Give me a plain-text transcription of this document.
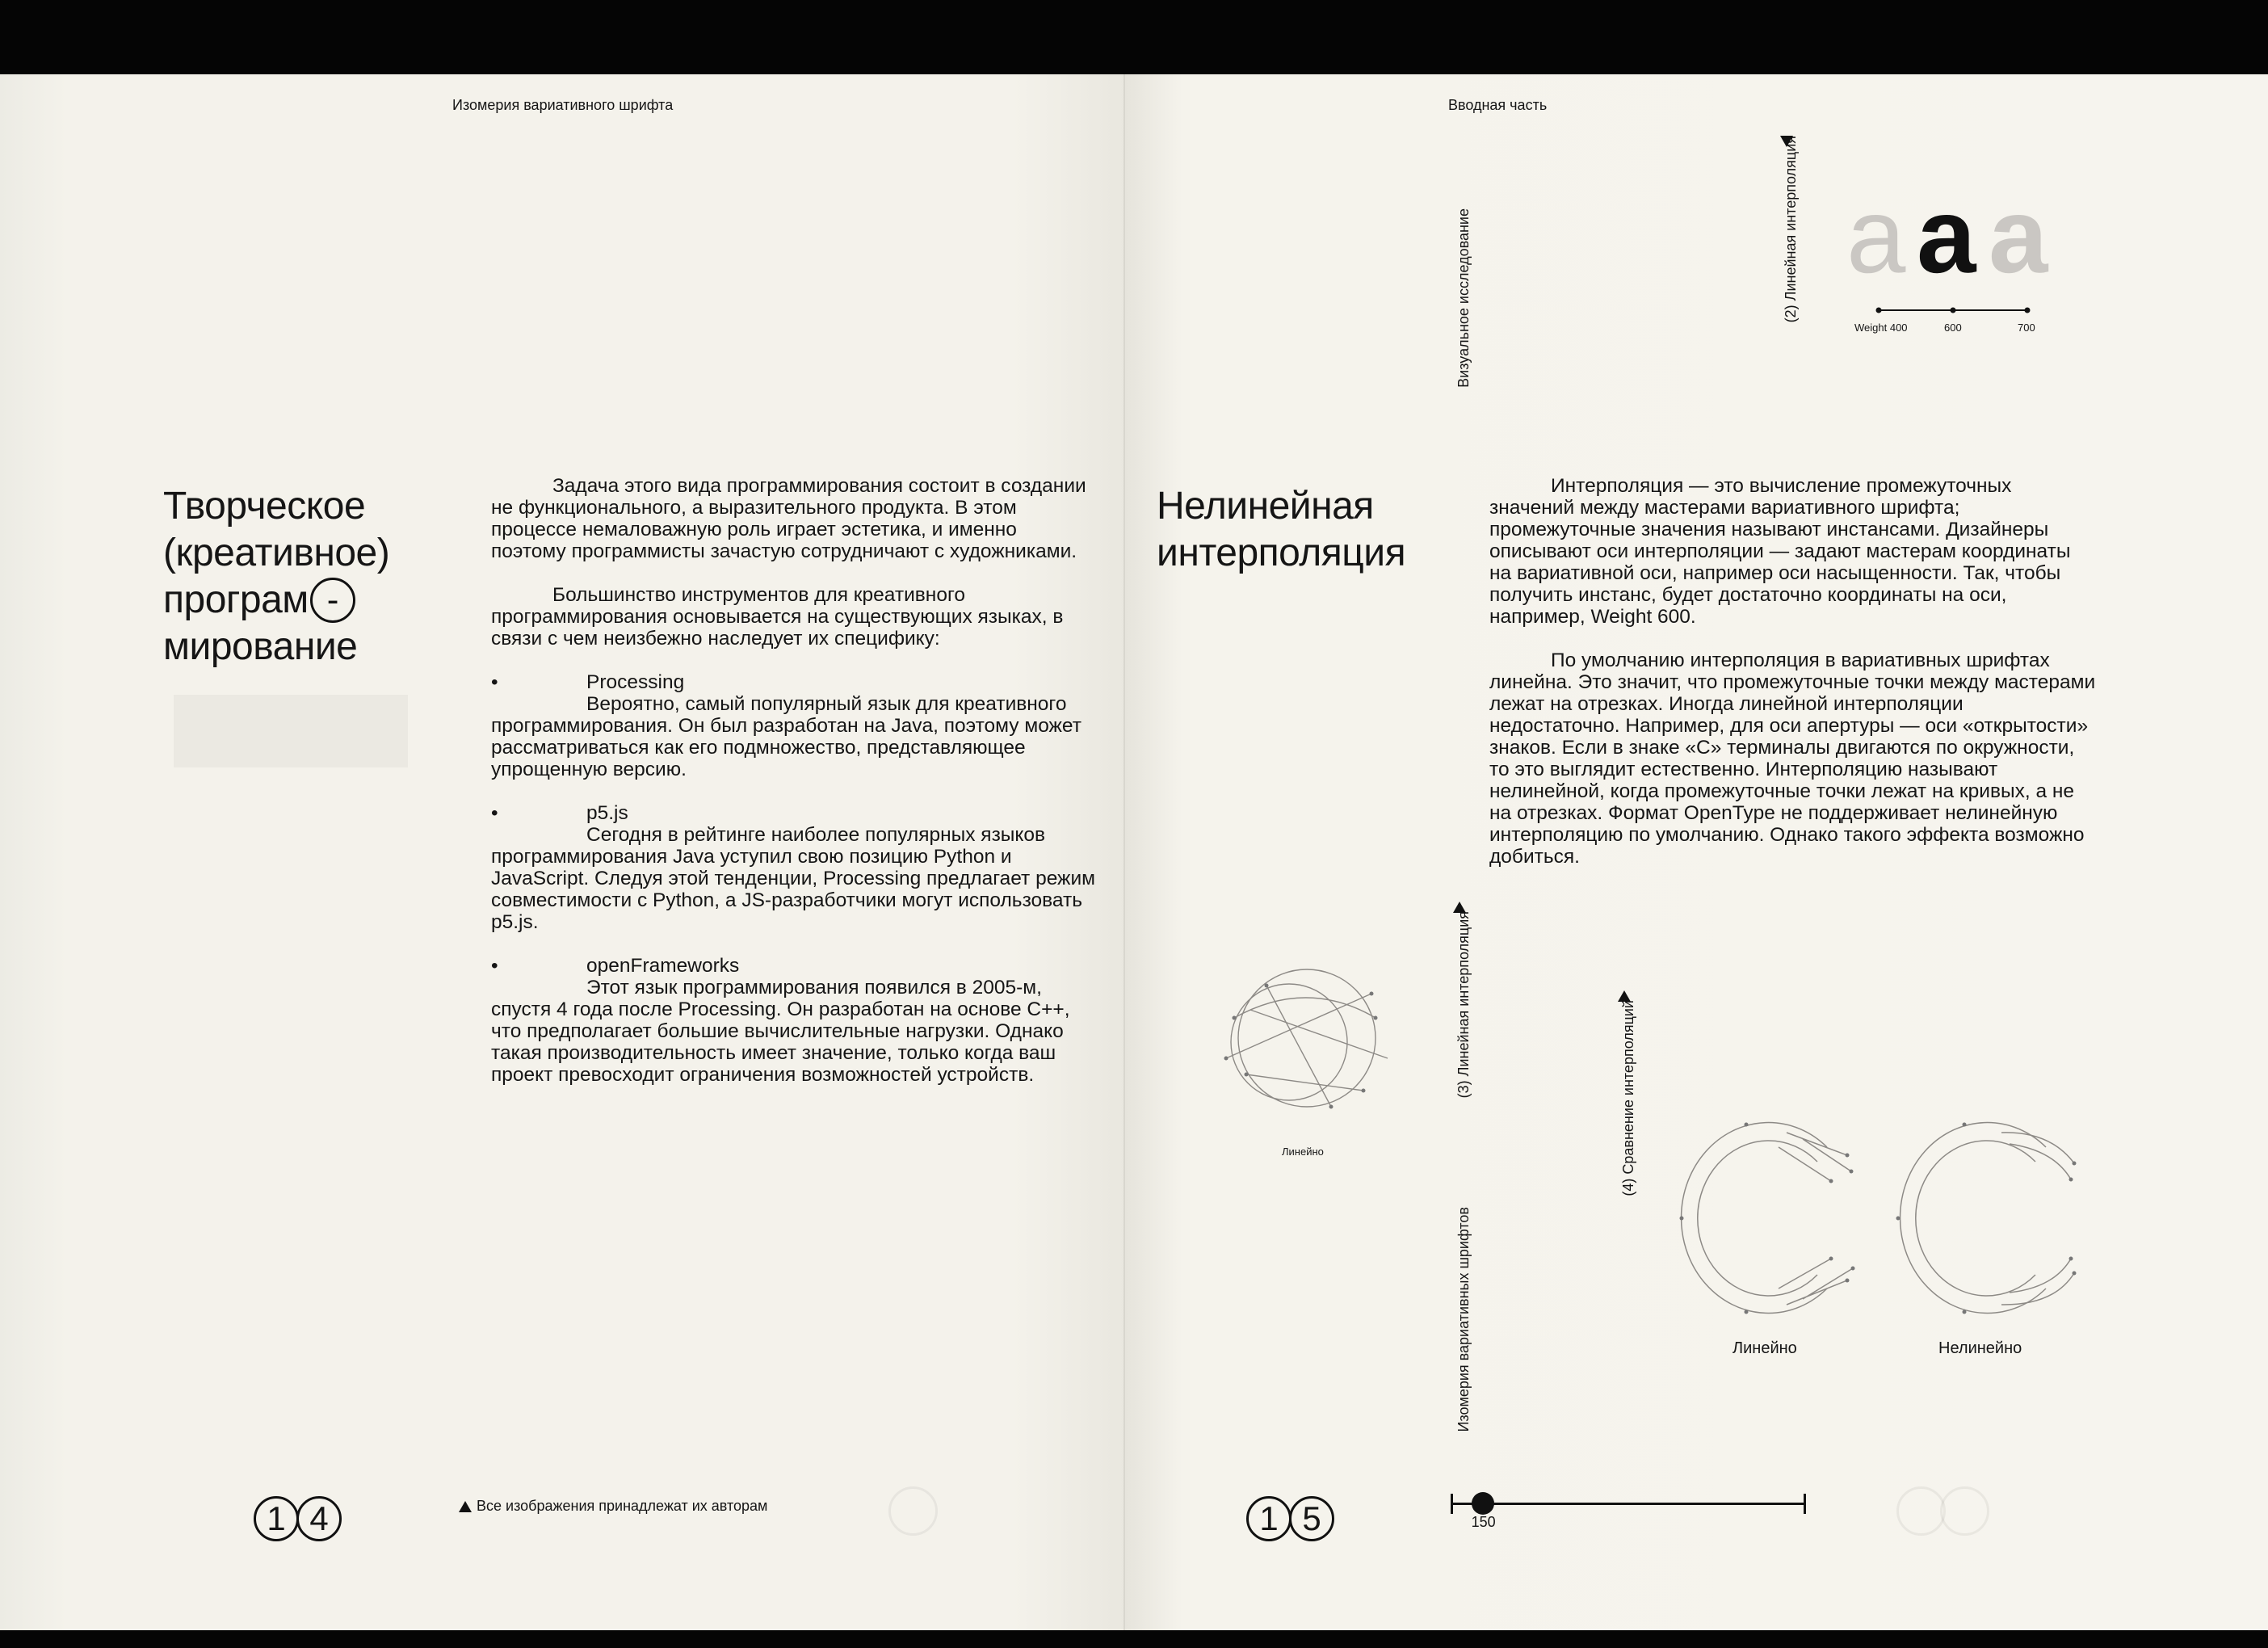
Изомерия вариативного шрифта
Творческое
(креативное)
програм -
мирование

Задача этого вида программирования состоит в создании не функционального, а выразительного продукта. В этом процессе немаловажную роль играет эстетика, и именно поэтому программисты зачастую сотрудничают с художниками.

Большинство инструментов для креативного программирования основывается на существующих языках, в связи с чем неизбежно наследует их специфику:

•	Processing

Вероятно, самый популярный язык для креативного программирования. Он был разработан на Java, поэтому может рассматриваться как его подмножество, представляющее упрощенную версию.

•	p5.js

Сегодня в рейтинге наиболее популярных языков программирования Java уступил свою позицию Python и JavaScript. Следуя этой тенденции, Processing предлагает режим совместимости с Python, а JS-разработчики могут использовать p5.js.

•	openFrameworks

Этот язык программирования появился в 2005-м, спустя 4 года после Processing. Он разработан на основе C++, что предполагает большие вычислительные нагрузки. Однако такая производительность имеет значение, только когда ваш проект превосходит ограничения возможностей устройств.

1 4	Все изображения принадлежат их авторам
Вводная часть
Визуальное исследование
Изомерия вариативных шрифтов
Нелинейная
интерполяция

Интерполяция — это вычисление промежуточных значений между мастерами вариативного шрифта; промежуточные значения называют инстансами. Дизайнеры описывают оси интерполяции — задают мастерам координаты на вариативной оси, например оси насыщенности. Так, чтобы получить инстанс, будет достаточно координаты на оси, например, Weight 600.

По умолчанию интерполяция в вариативных шрифтах линейна. Это значит, что промежуточные точки между мастерами лежат на отрезках. Иногда линейной интерполяции недостаточно. Например, для оси апертуры — оси «открытости» знаков. Если в знаке «С» терминалы двигаются по окружности, то это выглядит естественно. Интерполяцию называют нелинейной, когда промежуточные точки лежат на кривых, а не на отрезках. Формат OpenType не поддерживает нелинейную интерполяцию по умолчанию. Однако такого эффекта возможно добиться.

(2) Линейная интерполяция a a a
Weight 400	600	700
(3) Линейная интерполяция
Линейно	(4) Сравнение интерполяций
Линейно	Нелинейно
1 5	150
